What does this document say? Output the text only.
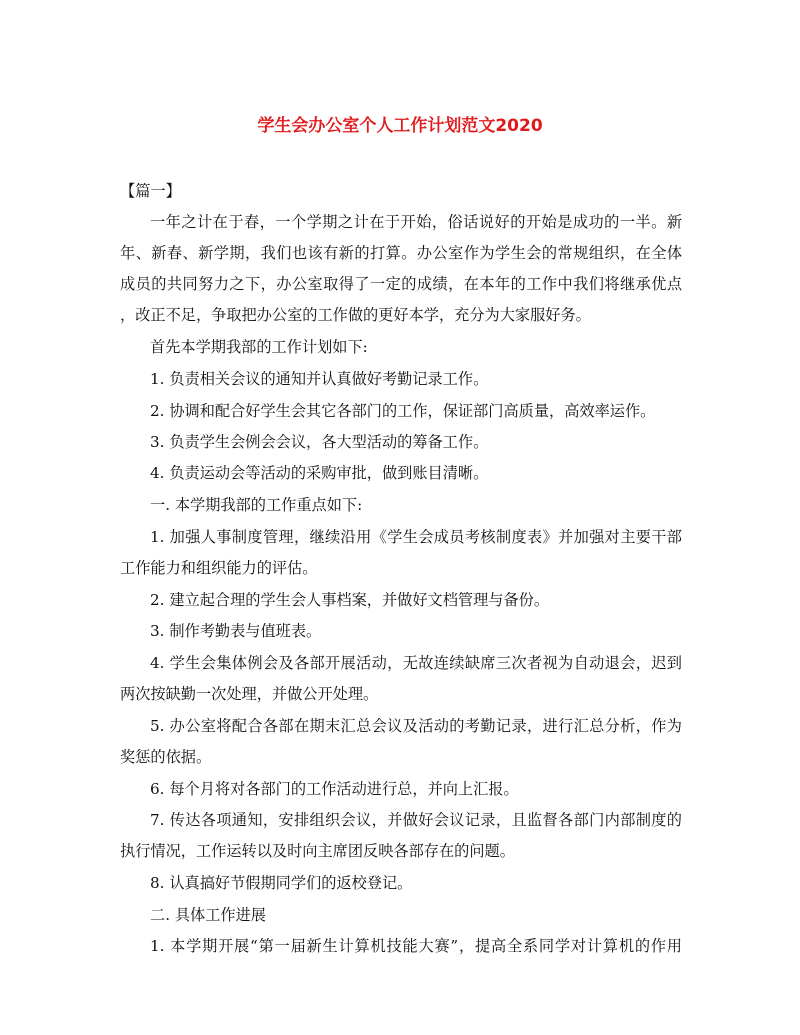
学生会办公室个人工作计划范文2020
【篇一】
一年之计在于春，一个学期之计在于开始，俗话说好的开始是成功的一半。新
年、新春、新学期，我们也该有新的打算。办公室作为学生会的常规组织，在全体
成员的共同努力之下，办公室取得了一定的成绩，在本年的工作中我们将继承优点
，改正不足，争取把办公室的工作做的更好本学，充分为大家服好务。
首先本学期我部的工作计划如下:
1. 负责相关会议的通知并认真做好考勤记录工作。
2. 协调和配合好学生会其它各部门的工作，保证部门高质量，高效率运作。
3. 负责学生会例会会议，各大型活动的筹备工作。
4. 负责运动会等活动的采购审批，做到账目清晰。
一. 本学期我部的工作重点如下:
1. 加强人事制度管理，继续沿用《学生会成员考核制度表》并加强对主要干部
工作能力和组织能力的评估。
2. 建立起合理的学生会人事档案，并做好文档管理与备份。
3. 制作考勤表与值班表。
4. 学生会集体例会及各部开展活动，无故连续缺席三次者视为自动退会，迟到
两次按缺勤一次处理，并做公开处理。
5. 办公室将配合各部在期末汇总会议及活动的考勤记录，进行汇总分析，作为
奖惩的依据。
6. 每个月将对各部门的工作活动进行总，并向上汇报。
7. 传达各项通知，安排组织会议，并做好会议记录，且监督各部门内部制度的
执行情况，工作运转以及时向主席团反映各部存在的问题。
8. 认真搞好节假期同学们的返校登记。
二. 具体工作进展
1. 本学期开展“第一届新生计算机技能大赛”，提高全系同学对计算机的作用
